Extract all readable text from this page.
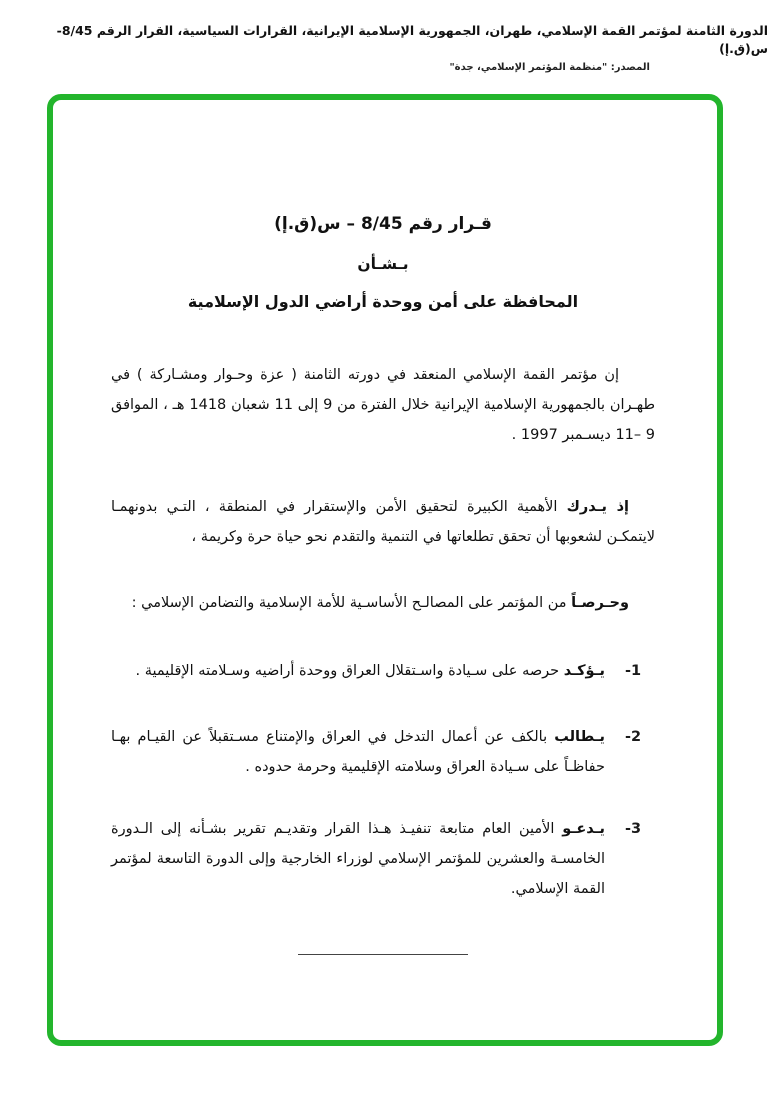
الدورة الثامنة لمؤتمر القمة الإسلامي، طهران، الجمهورية الإسلامية الإيرانية، القرارات السياسية، القرار الرقم 8/45-س(ق.إ)
المصدر: "منظمة المؤتمر الإسلامي، جدة"
قـرار رقم 8/45 – س(ق.إ)
بـشـأن
المحافظة على أمن ووحدة أراضي الدول الإسلامية

إن مؤتمر القمة الإسلامي المنعقد في دورته الثامنة ( عزة وحـوار ومشـاركة ) في طهـران بالجمهورية الإسلامية الإيرانية خلال الفترة من 9 إلى 11 شعبان 1418 هـ ، الموافق 9 –11 ديسـمبر 1997 .

إذ يـدرك الأهمية الكبيرة لتحقيق الأمن والإستقرار في المنطقة ، التـي بدونهمـا لايتمكـن لشعوبها أن تحقق تطلعاتها في التنمية والتقدم نحو حياة حرة وكريمة ،

وحـرصـاً من المؤتمر على المصالـح الأساسـية للأمة الإسلامية والتضامن الإسلامي :

-1
يـؤكـد حرصه على سـيادة واسـتقلال العراق ووحدة أراضيه وسـلامته الإقليمية .
-2
يـطالب بالكف عن أعمال التدخل في العراق والإمتناع مسـتقبلاً عن القيـام بهـا حفاظـاً على سـيادة العراق وسلامته الإقليمية وحرمة حدوده .
-3
يـدعـو الأمين العام متابعة تنفيـذ هـذا القرار وتقديـم تقرير بشـأنه إلى الـدورة الخامسـة والعشرين للمؤتمر الإسلامي لوزراء الخارجية وإلى الدورة التاسعة لمؤتمر القمة الإسلامي.
